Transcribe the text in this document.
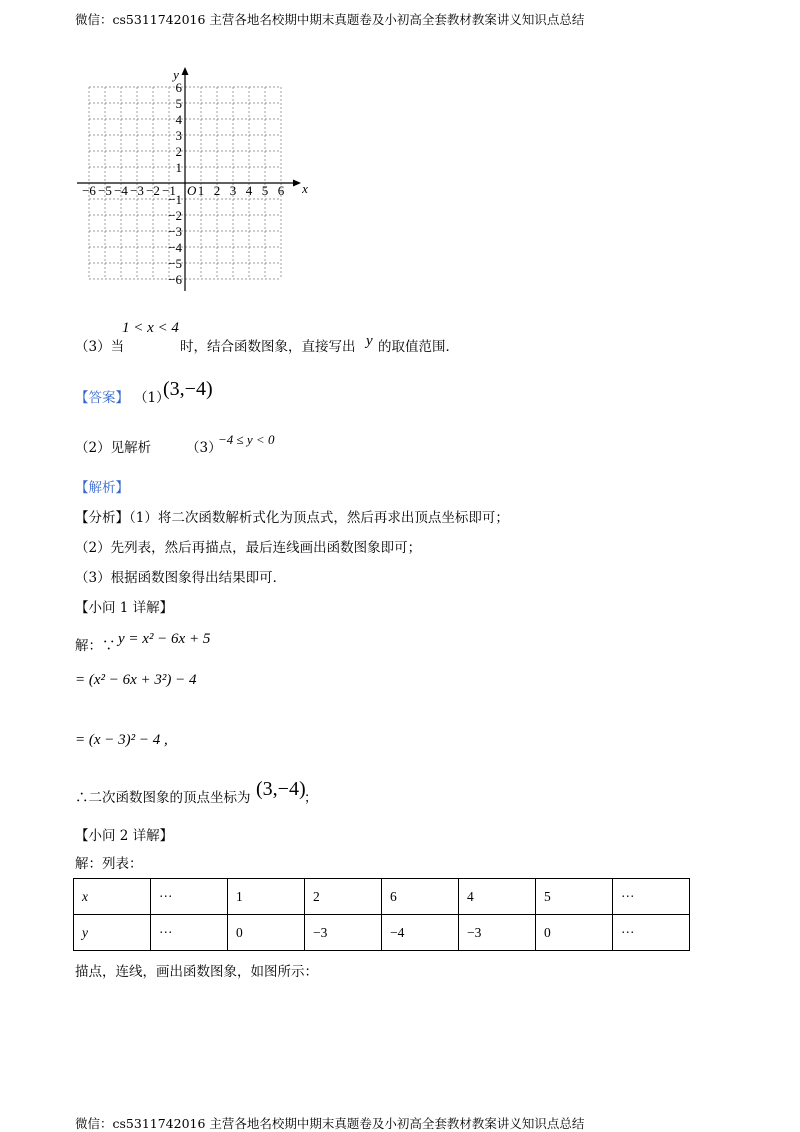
微信：cs5311742016 主营各地名校期中期末真题卷及小初高全套教材教案讲义知识点总结
−6 −5 −4 −3 −2 −1 1 2 3 4 5 6
6
5
4
3
2
1
−1
−2
−3
−4
−5
−6
O	x
y
（3）当
1 < x < 4
时，结合函数图象，直接写出 y 的取值范围．
【答案】 （1）
(3,−4)
（2）见解析	（3）
−4 ≤ y < 0
【解析】
【分析】（1）将二次函数解析式化为顶点式，然后再求出顶点坐标即可；
（2）先列表，然后再描点，最后连线画出函数图象即可；
（3）根据函数图象得出结果即可．
【小问 1 详解】
解：∵ y = x² − 6x + 5
= (x² − 6x + 3²) − 4
= (x − 3)² − 4 ,
∴二次函数图象的顶点坐标为 (3,−4)
；
【小问 2 详解】
解：列表：
x	···	1	2	6	4	5	···
y	···	0	−3	−4	−3	0	···
描点，连线，画出函数图象，如图所示：
微信：cs5311742016 主营各地名校期中期末真题卷及小初高全套教材教案讲义知识点总结
